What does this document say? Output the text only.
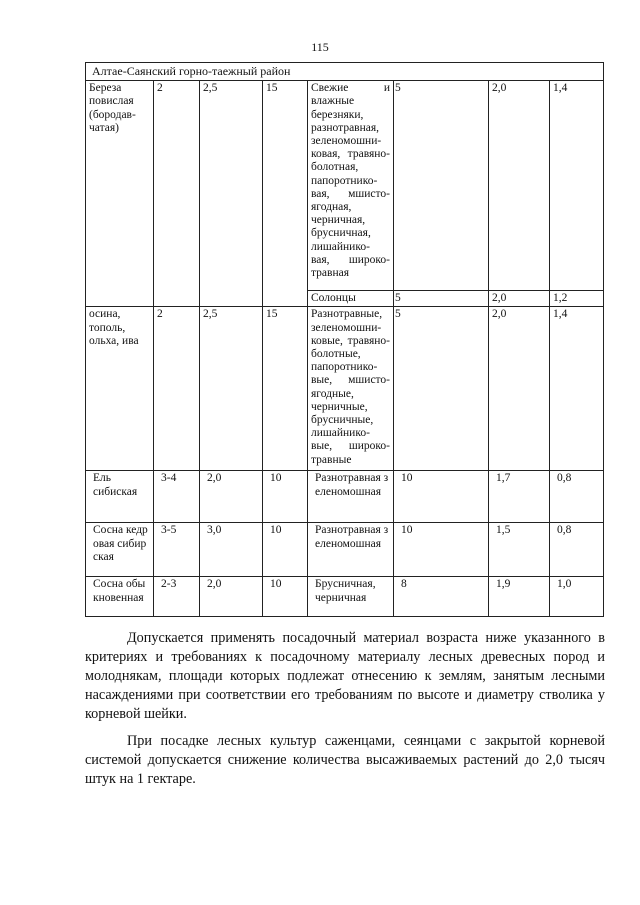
115
Алтае-Саянский горно-таежный район							
Береза повислая (бородав- чатая)	2	2,5	15	Свежие и влажные березняки, разнотравная, зеленомошни- ковая, травяно- болотная, папоротнико- вая, мшисто- ягодная, черничная, брусничная, лишайнико- вая, широко- травная	5	2,0	1,4
				Солонцы	5	2,0	1,2
осина, тополь, ольха, ива	2	2,5	15	Разнотравные, зеленомошни- ковые, травяно- болотные, папоротнико- вые, мшисто- ягодные, черничные, брусничные, лишайнико- вые, широко- травные	5	2,0	1,4
Ель сибиская	3-4	2,0	10	Разнотравная зеленомошная	10	1,7	0,8
Сосна кедровая сибирская	3-5	3,0	10	Разнотравная зеленомошная	10	1,5	0,8
Сосна обыкновенная	2-3	2,0	10	Брусничная, черничная	8	1,9	1,0

Допускается применять посадочный материал возраста ниже указанного в критериях и требованиях к посадочному материалу лесных древесных пород и молоднякам, площади которых подлежат отнесению к землям, занятым лесными насаждениями при соответствии его требованиям по высоте и диаметру стволика у корневой шейки.

При посадке лесных культур саженцами, сеянцами с закрытой корневой системой допускается снижение количества высаживаемых растений до 2,0 тысяч штук на 1 гектаре.
